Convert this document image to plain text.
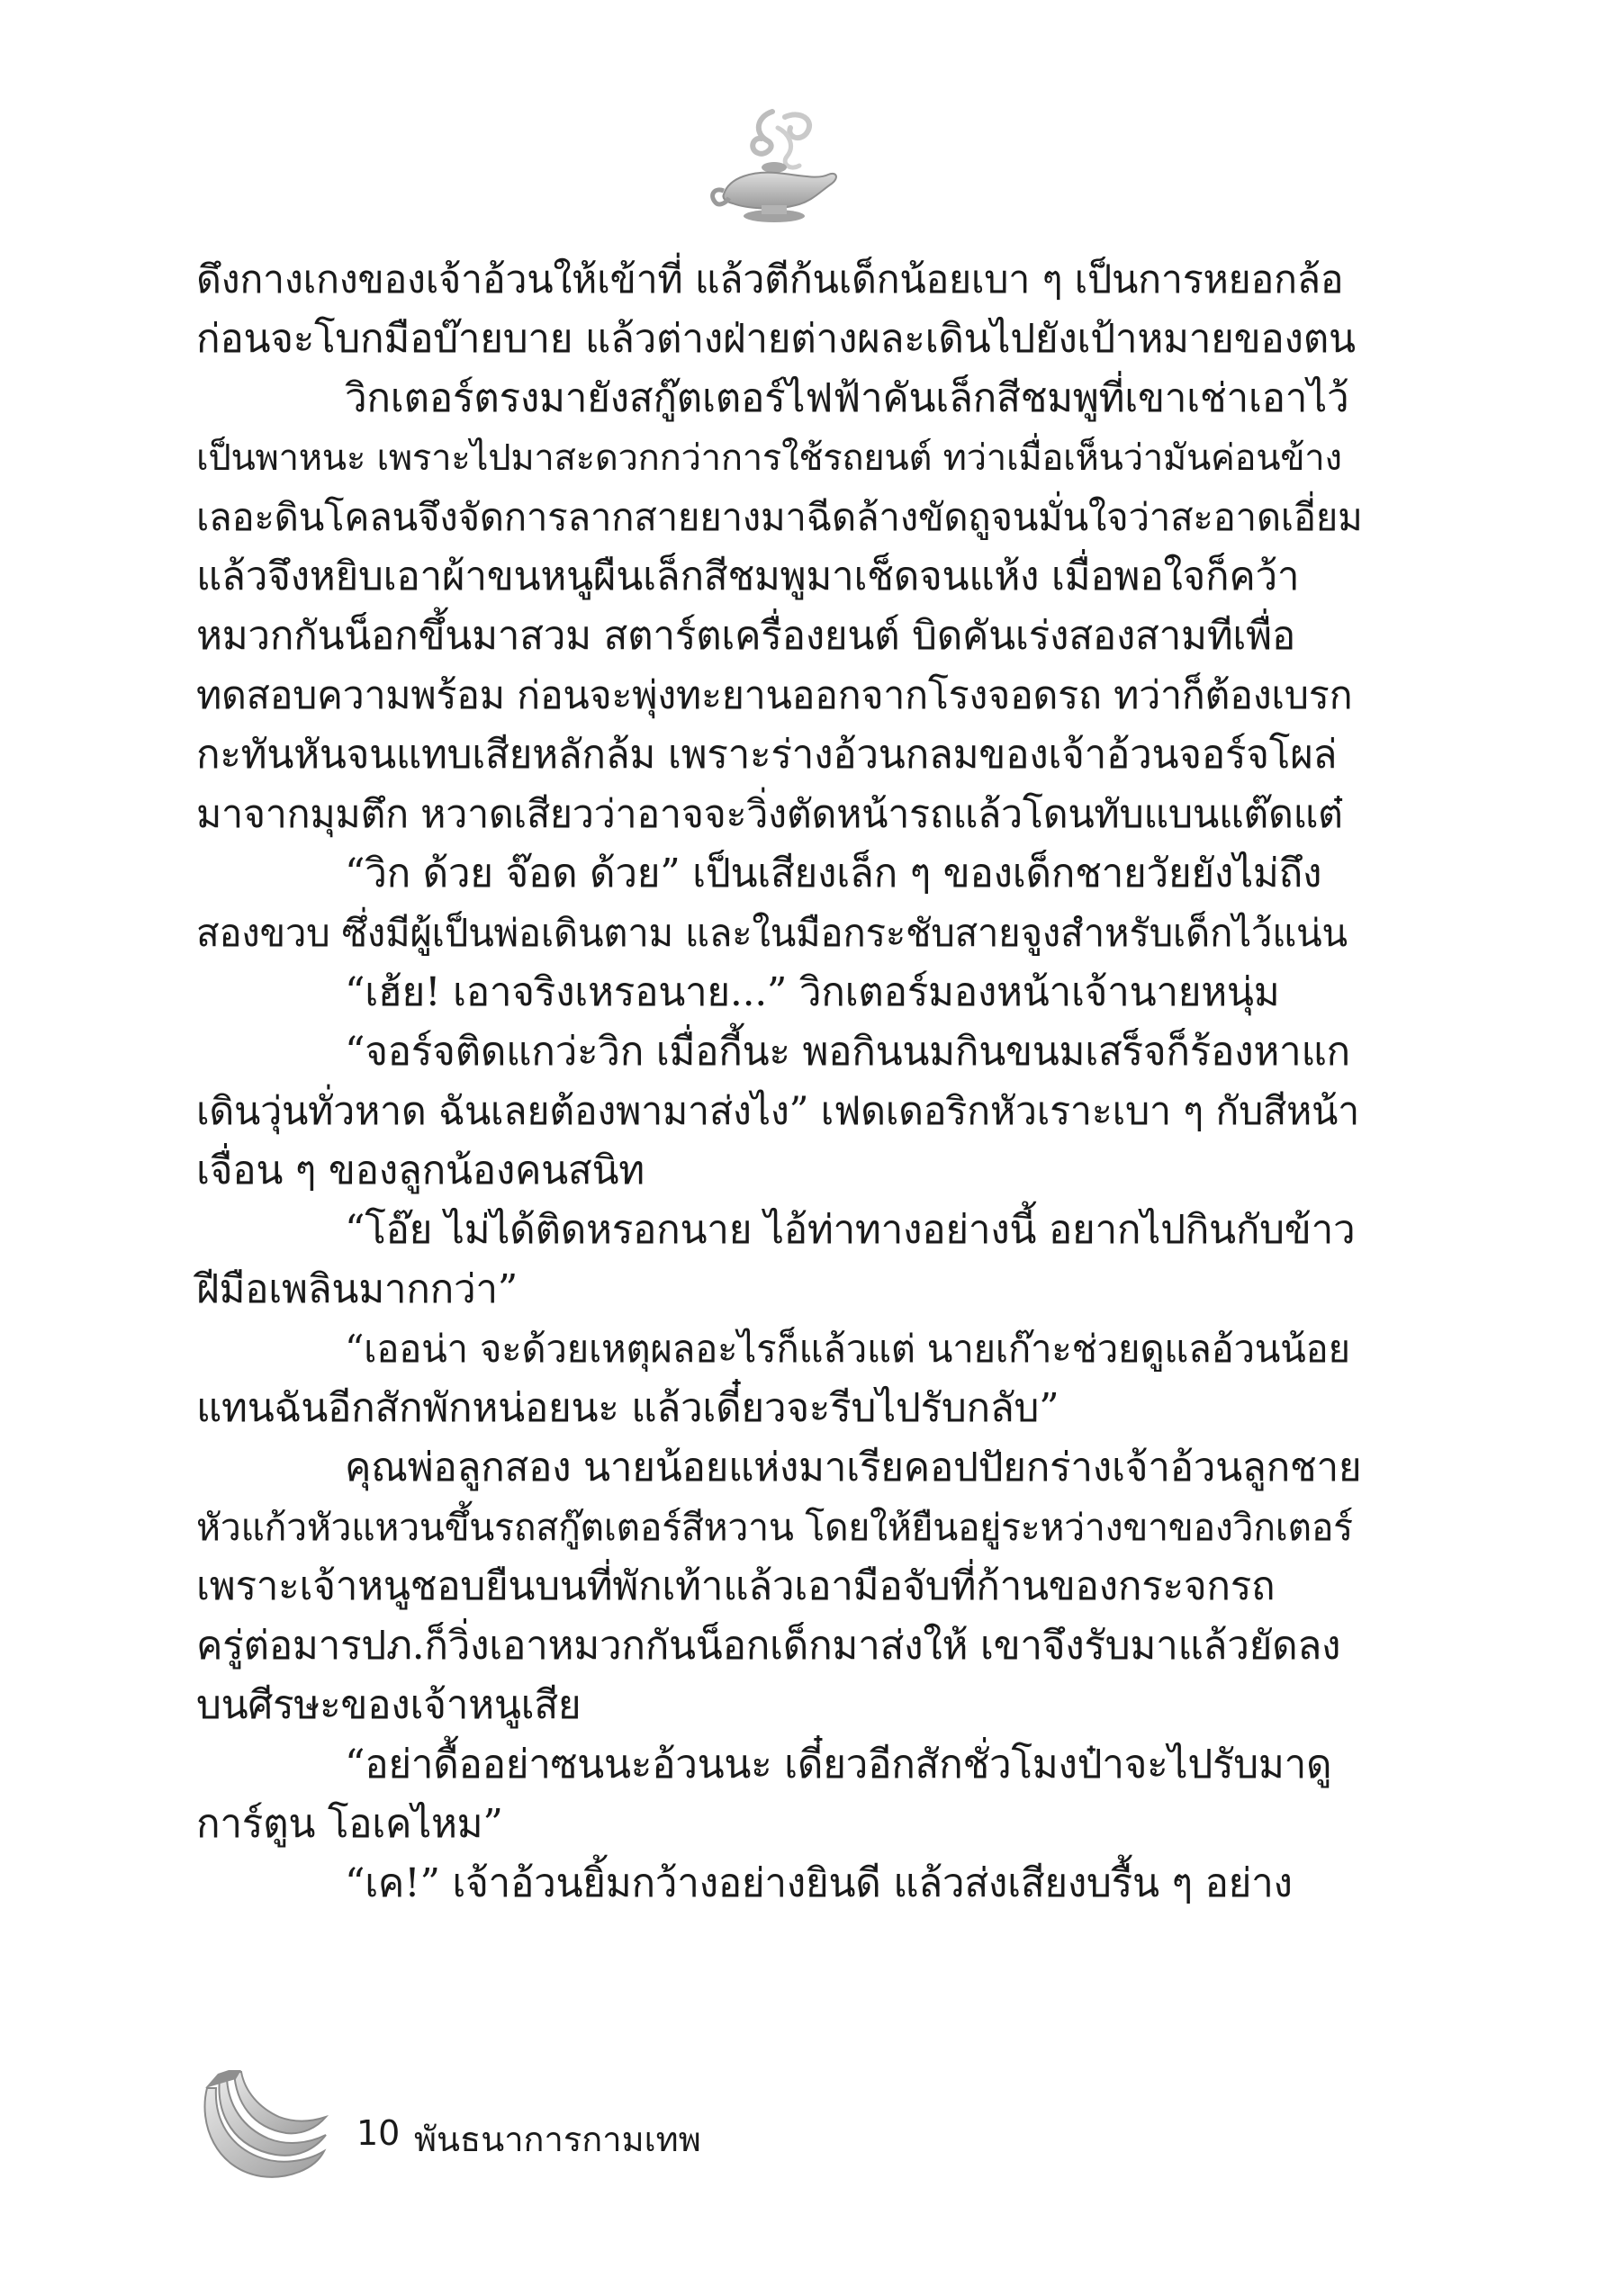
ดึงกางเกงของเจ้าอ้วนให้เข้าที่ แล้วตีก้นเด็กน้อยเบา ๆ เป็นการหยอกล้อ
ก่อนจะโบกมือบ๊ายบาย แล้วต่างฝ่ายต่างผละเดินไปยังเป้าหมายของตน
วิกเตอร์ตรงมายังสกู๊ตเตอร์ไฟฟ้าคันเล็กสีชมพูที่เขาเช่าเอาไว้
เป็นพาหนะ เพราะไปมาสะดวกกว่าการใช้รถยนต์ ทว่าเมื่อเห็นว่ามันค่อนข้าง
เลอะดินโคลนจึงจัดการลากสายยางมาฉีดล้างขัดถูจนมั่นใจว่าสะอาดเอี่ยม
แล้วจึงหยิบเอาผ้าขนหนูผืนเล็กสีชมพูมาเช็ดจนแห้ง เมื่อพอใจก็คว้า
หมวกกันน็อกขึ้นมาสวม สตาร์ตเครื่องยนต์ บิดคันเร่งสองสามทีเพื่อ
ทดสอบความพร้อม ก่อนจะพุ่งทะยานออกจากโรงจอดรถ ทว่าก็ต้องเบรก
กะทันหันจนแทบเสียหลักล้ม เพราะร่างอ้วนกลมของเจ้าอ้วนจอร์จโผล่
มาจากมุมตึก หวาดเสียวว่าอาจจะวิ่งตัดหน้ารถแล้วโดนทับแบนแต๊ดแต๋
“วิก ด้วย จ๊อด ด้วย” เป็นเสียงเล็ก ๆ ของเด็กชายวัยยังไม่ถึง
สองขวบ ซึ่งมีผู้เป็นพ่อเดินตาม และในมือกระชับสายจูงสำหรับเด็กไว้แน่น
“เฮ้ย! เอาจริงเหรอนาย...” วิกเตอร์มองหน้าเจ้านายหนุ่ม
“จอร์จติดแกว่ะวิก เมื่อกี้นะ พอกินนมกินขนมเสร็จก็ร้องหาแก
เดินวุ่นทั่วหาด ฉันเลยต้องพามาส่งไง” เฟดเดอริกหัวเราะเบา ๆ กับสีหน้า
เจื่อน ๆ ของลูกน้องคนสนิท
“โอ๊ย ไม่ได้ติดหรอกนาย ไอ้ท่าทางอย่างนี้ อยากไปกินกับข้าว
ฝีมือเพลินมากกว่า”
“เออน่า จะด้วยเหตุผลอะไรก็แล้วแต่ นายเก๊าะช่วยดูแลอ้วนน้อย
แทนฉันอีกสักพักหน่อยนะ แล้วเดี๋ยวจะรีบไปรับกลับ”
คุณพ่อลูกสอง นายน้อยแห่งมาเรียคอปปัยกร่างเจ้าอ้วนลูกชาย
หัวแก้วหัวแหวนขึ้นรถสกู๊ตเตอร์สีหวาน โดยให้ยืนอยู่ระหว่างขาของวิกเตอร์
เพราะเจ้าหนูชอบยืนบนที่พักเท้าแล้วเอามือจับที่ก้านของกระจกรถ
ครู่ต่อมารปภ.ก็วิ่งเอาหมวกกันน็อกเด็กมาส่งให้ เขาจึงรับมาแล้วยัดลง
บนศีรษะของเจ้าหนูเสีย
“อย่าดื้ออย่าซนนะอ้วนนะ เดี๋ยวอีกสักชั่วโมงป๋าจะไปรับมาดู
การ์ตูน โอเคไหม”
“เค!” เจ้าอ้วนยิ้มกว้างอย่างยินดี แล้วส่งเสียงบรื้น ๆ อย่าง
10 พันธนาการกามเทพ
